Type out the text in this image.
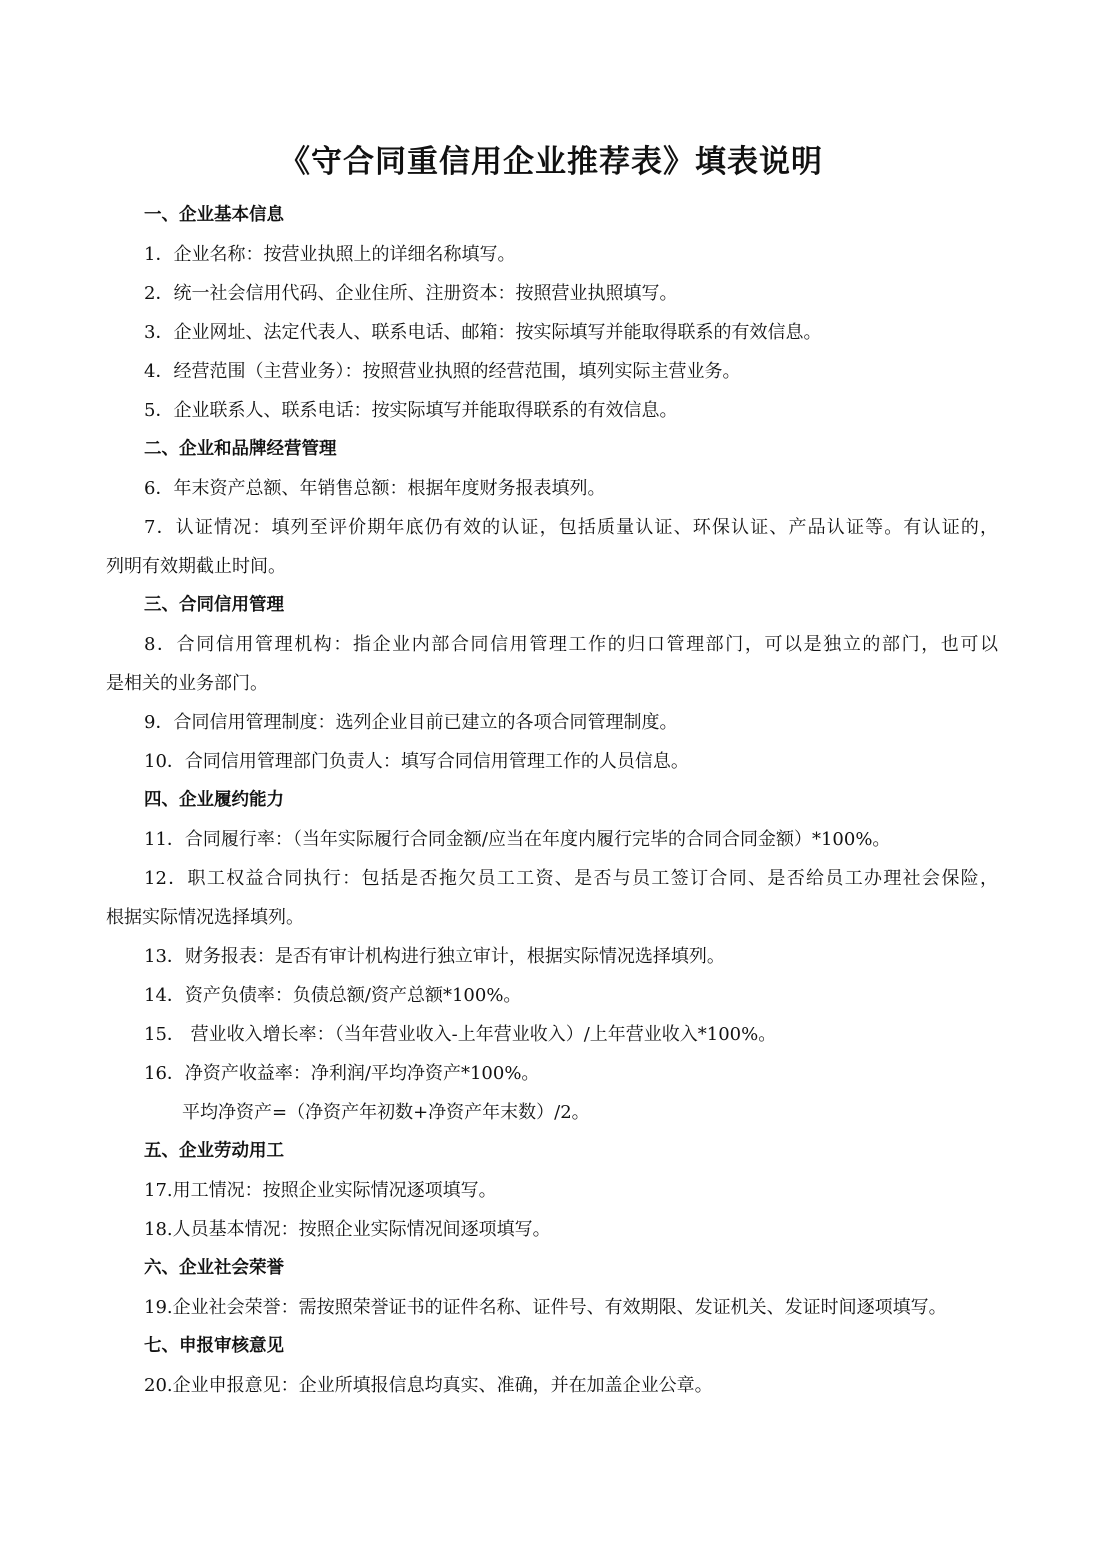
《守合同重信用企业推荐表》填表说明

一、企业基本信息

1．企业名称：按营业执照上的详细名称填写。

2．统一社会信用代码、企业住所、注册资本：按照营业执照填写。

3．企业网址、法定代表人、联系电话、邮箱：按实际填写并能取得联系的有效信息。

4．经营范围（主营业务）：按照营业执照的经营范围，填列实际主营业务。

5．企业联系人、联系电话：按实际填写并能取得联系的有效信息。

二、企业和品牌经营管理

6．年末资产总额、年销售总额：根据年度财务报表填列。

7．认证情况：填列至评价期年底仍有效的认证，包括质量认证、环保认证、产品认证等。有认证的，

列明有效期截止时间。

三、合同信用管理

8．合同信用管理机构：指企业内部合同信用管理工作的归口管理部门，可以是独立的部门，也可以

是相关的业务部门。

9．合同信用管理制度：选列企业目前已建立的各项合同管理制度。

10．合同信用管理部门负责人：填写合同信用管理工作的人员信息。

四、企业履约能力

11．合同履行率：（当年实际履行合同金额/应当在年度内履行完毕的合同合同金额）*100%。

12．职工权益合同执行：包括是否拖欠员工工资、是否与员工签订合同、是否给员工办理社会保险，

根据实际情况选择填列。

13．财务报表：是否有审计机构进行独立审计，根据实际情况选择填列。

14．资产负债率：负债总额/资产总额*100%。

15． 营业收入增长率：（当年营业收入-上年营业收入）/上年营业收入*100%。

16．净资产收益率：净利润/平均净资产*100%。

平均净资产=（净资产年初数+净资产年末数）/2。

五、企业劳动用工

17.用工情况：按照企业实际情况逐项填写。

18.人员基本情况：按照企业实际情况间逐项填写。

六、企业社会荣誉

19.企业社会荣誉：需按照荣誉证书的证件名称、证件号、有效期限、发证机关、发证时间逐项填写。

七、申报审核意见

20.企业申报意见：企业所填报信息均真实、准确，并在加盖企业公章。
